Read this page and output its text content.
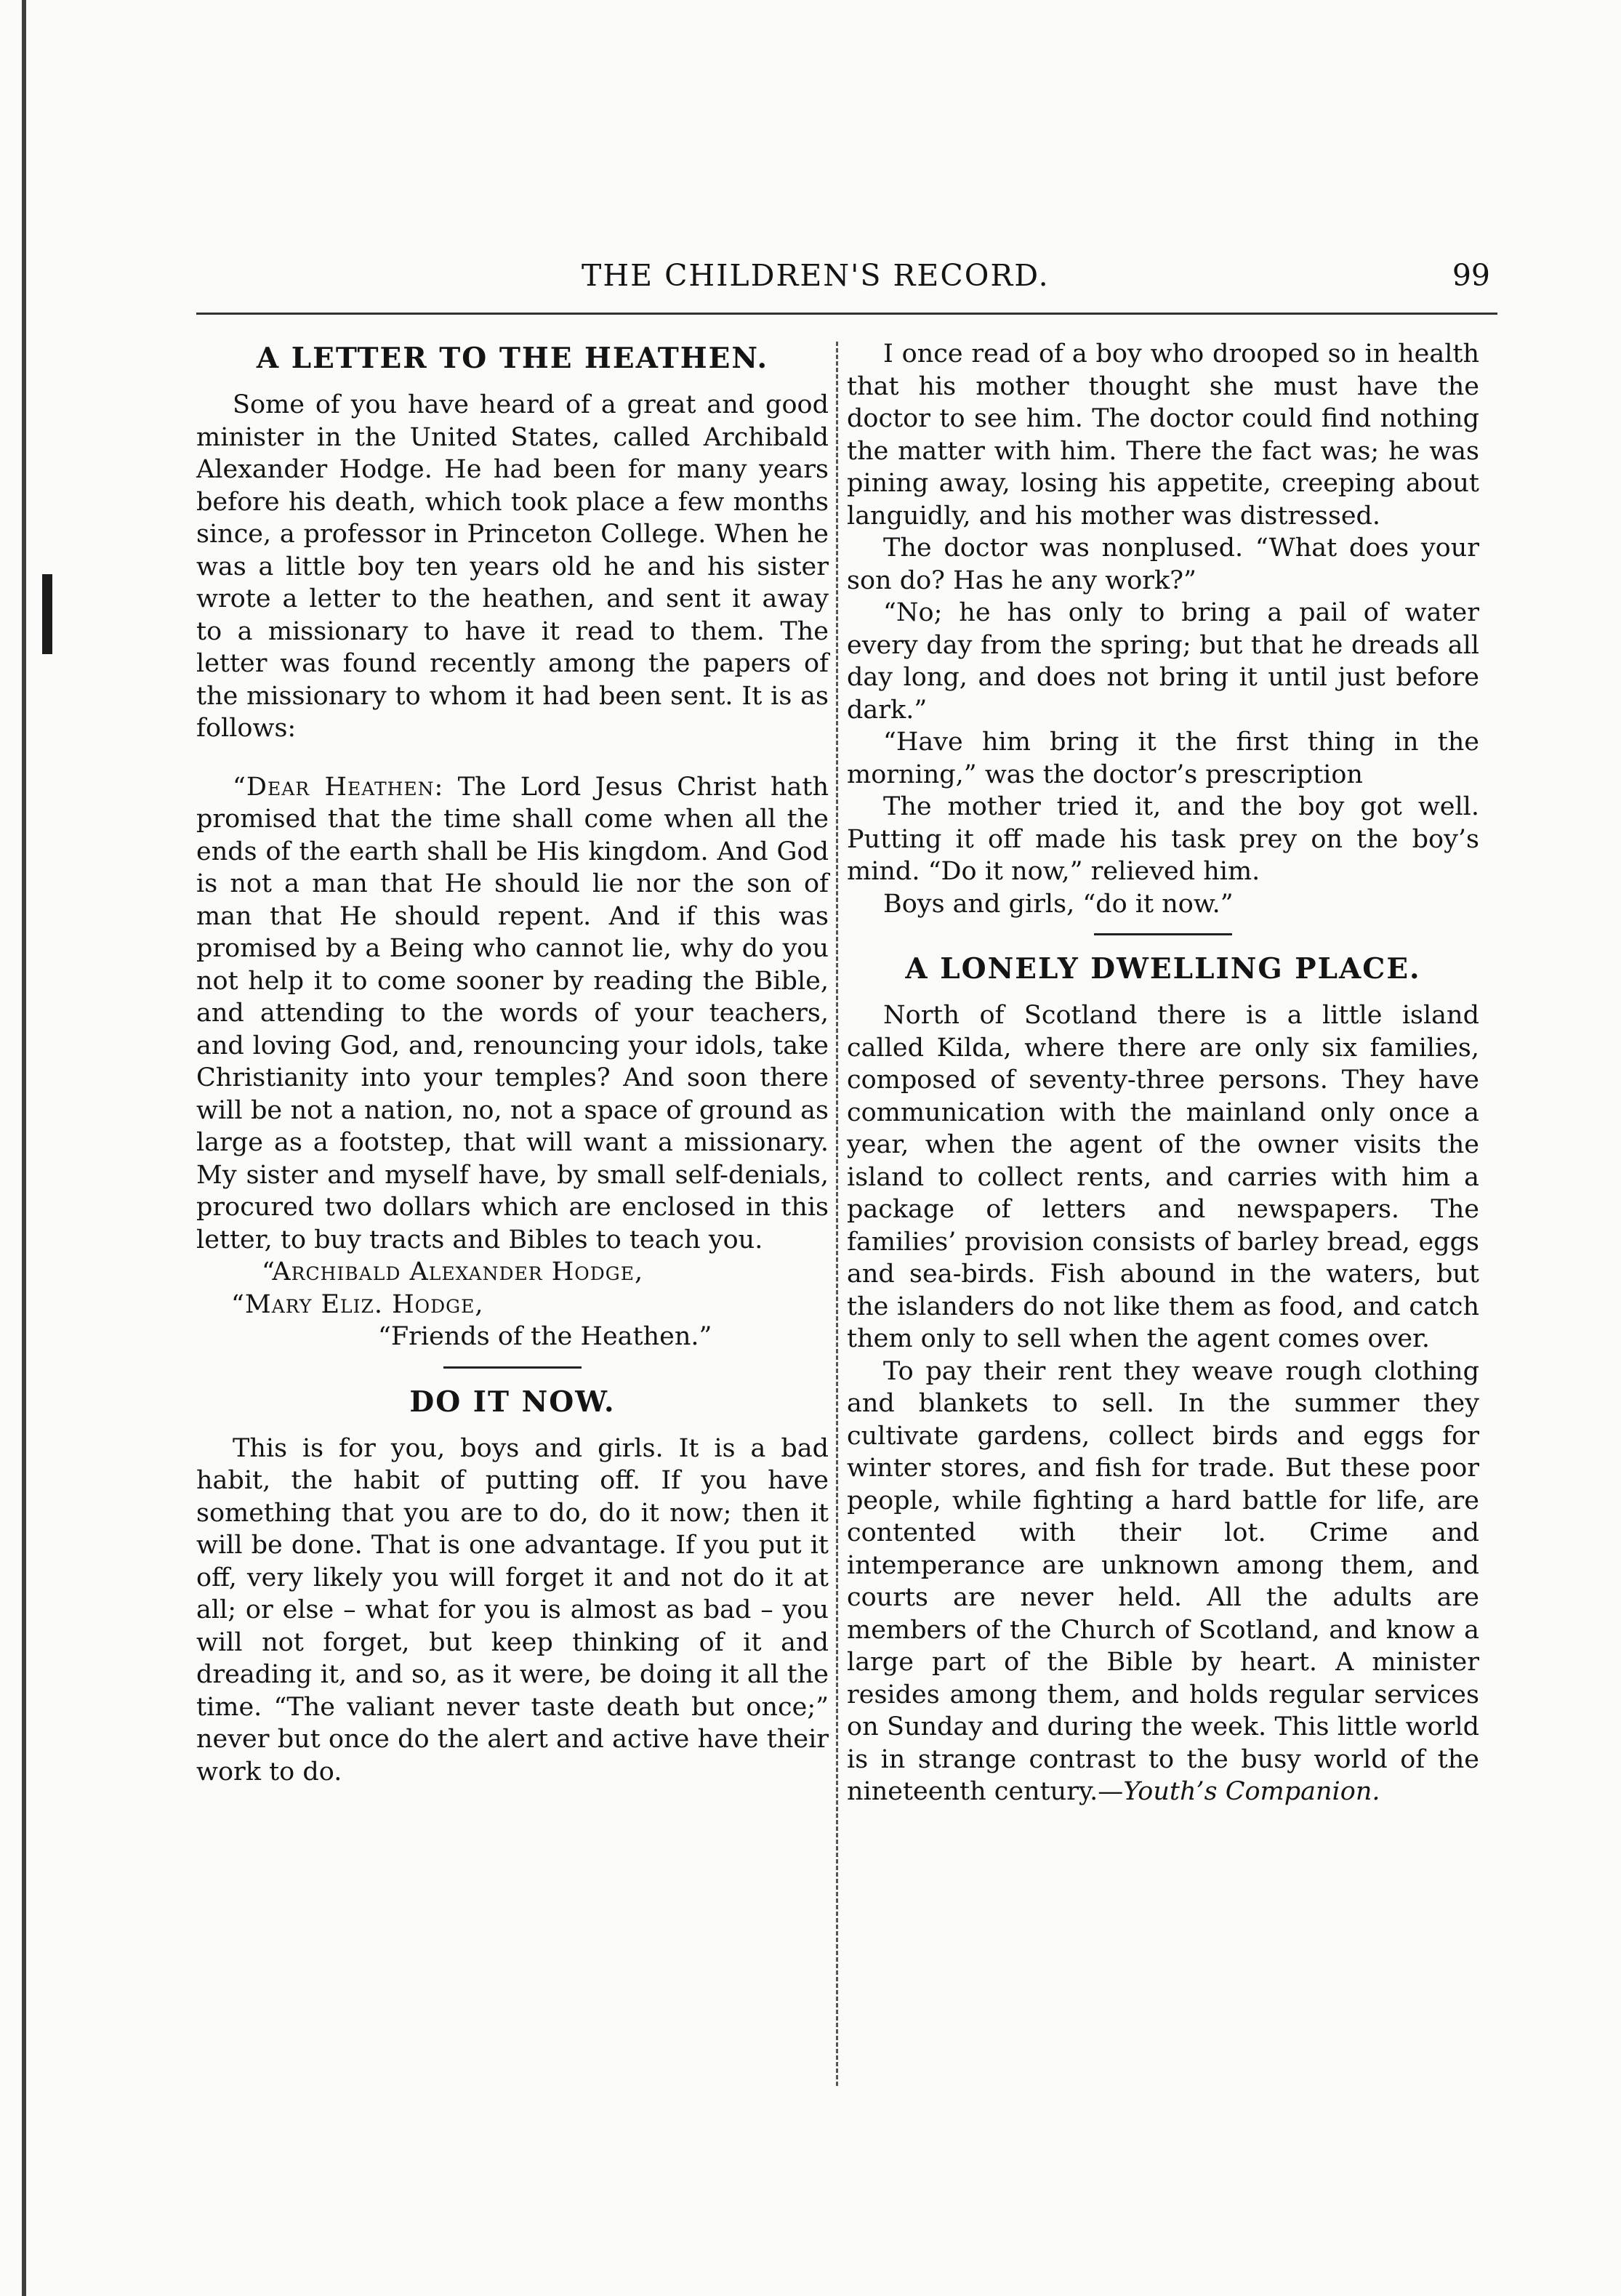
THE CHILDREN'S RECORD.	99
A LETTER TO THE HEATHEN.

Some of you have heard of a great and good minister in the United States, called Archibald Alexander Hodge. He had been for many years before his death, which took place a few months since, a professor in Princeton College. When he was a little boy ten years old he and his sister wrote a letter to the heathen, and sent it away to a missionary to have it read to them. The letter was found recently among the papers of the missionary to whom it had been sent. It is as follows:

“Dear Heathen: The Lord Jesus Christ hath promised that the time shall come when all the ends of the earth shall be His kingdom. And God is not a man that He should lie nor the son of man that He should repent. And if this was promised by a Being who cannot lie, why do you not help it to come sooner by reading the Bible, and attending to the words of your teachers, and loving God, and, renouncing your idols, take Christianity into your temples? And soon there will be not a nation, no, not a space of ground as large as a footstep, that will want a missionary. My sister and myself have, by small self-denials, procured two dollars which are enclosed in this letter, to buy tracts and Bibles to teach you.

“Archibald Alexander Hodge,
“Mary Eliz. Hodge,
“Friends of the Heathen.”
DO IT NOW.

This is for you, boys and girls. It is a bad habit, the habit of putting off. If you have something that you are to do, do it now; then it will be done. That is one advantage. If you put it off, very likely you will forget it and not do it at all; or else – what for you is almost as bad – you will not forget, but keep thinking of it and dreading it, and so, as it were, be doing it all the time. “The valiant never taste death but once;” never but once do the alert and active have their work to do.

I once read of a boy who drooped so in health that his mother thought she must have the doctor to see him. The doctor could find nothing the matter with him. There the fact was; he was pining away, losing his appetite, creeping about languidly, and his mother was distressed.

The doctor was nonplused. “What does your son do? Has he any work?”

“No; he has only to bring a pail of water every day from the spring; but that he dreads all day long, and does not bring it until just before dark.”

“Have him bring it the first thing in the morning,” was the doctor’s prescription

The mother tried it, and the boy got well. Putting it off made his task prey on the boy’s mind. “Do it now,” relieved him.

Boys and girls, “do it now.”

A LONELY DWELLING PLACE.

North of Scotland there is a little island called Kilda, where there are only six families, composed of seventy-three persons. They have communication with the mainland only once a year, when the agent of the owner visits the island to collect rents, and carries with him a package of letters and newspapers. The families’ provision consists of barley bread, eggs and sea-birds. Fish abound in the waters, but the islanders do not like them as food, and catch them only to sell when the agent comes over.

To pay their rent they weave rough clothing and blankets to sell. In the summer they cultivate gardens, collect birds and eggs for winter stores, and fish for trade. But these poor people, while fighting a hard battle for life, are contented with their lot. Crime and intemperance are unknown among them, and courts are never held. All the adults are members of the Church of Scotland, and know a large part of the Bible by heart. A minister resides among them, and holds regular services on Sunday and during the week. This little world is in strange contrast to the busy world of the nineteenth century.—Youth’s Companion.
